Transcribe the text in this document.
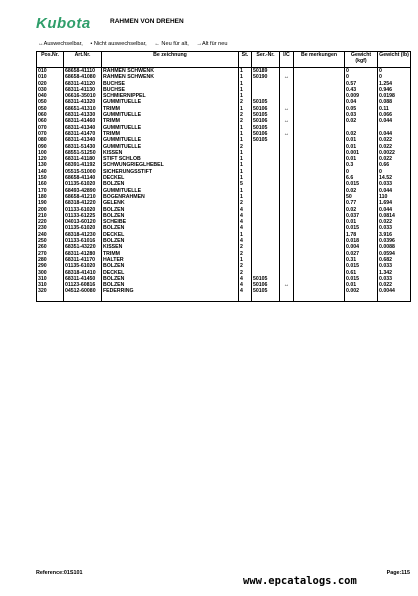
Kubota	RAHMEN VON DREHEN
↔Auswechselbar, • Nicht auswechselbar, ← Neu für alt, →Alt für neu
Pos.Nr.	Art.Nr.	Be zeichnung	St.	Ser.-Nr.	I/C	Be merkungen	Gewicht (kgf)	Gewicht (lb)
010	68658-41110	RAHMEN SCHWENK	1	50189			0	0
010	68658-41080	RAHMEN SCHWENK	1	50190	↔		0	0
020	68311-41120	BUCHSE	1				0.57	1.254
030	68311-41130	BUCHSE	1				0.43	0.946
040	06616-35010	SCHMIERNIPPEL	1				0.009	0.0198
050	68311-41320	GUMMITUELLE	2	50105			0.04	0.088
050	68651-41310	TRIMM	1	50106	↔		0.05	0.11
060	68311-41330	GUMMITUELLE	2	50105			0.03	0.066
060	68311-41460	TRIMM	2	50106	↔		0.02	0.044
070	68311-41340	GUMMITUELLE	1	50105				
070	68311-41470	TRIMM	1	50106	↔		0.02	0.044
080	68311-41340	GUMMITUELLE	1	50105			0.01	0.022
090	68311-51430	GUMMITUELLE	2				0.01	0.022
100	68551-51250	KISSEN	1				0.001	0.0022
120	68311-41180	STIFT SCHLOB	1				0.01	0.022
130	68391-41192	SCHWUNGRIEGLHEBEL	1				0.3	0.66
140	05515-51000	SICHERUNGSSTIFT	1				0	0
150	68658-41140	DECKEL	1				6.6	14.52
160	01135-61020	BOLZEN	5				0.015	0.033
170	68493-42890	GUMMITUELLE	1				0.02	0.044
180	68658-41210	BOGENRAHMEN	1				50	110
190	68318-41220	GELENK	2				0.77	1.694
200	01133-61020	BOLZEN	4				0.02	0.044
210	01133-61225	BOLZEN	4				0.037	0.0814
220	04013-60120	SCHEIBE	4				0.01	0.022
230	01135-61020	BOLZEN	4				0.015	0.033
240	68318-41230	DECKEL	1				1.78	3.916
250	01133-61016	BOLZEN	4				0.018	0.0396
260	68351-43220	KISSEN	2				0.004	0.0088
270	68311-41280	TRIMM	2				0.027	0.0594
280	68311-41170	HALTER	1				0.31	0.682
290	01135-61020	BOLZEN	2				0.015	0.033
300	68318-41410	DECKEL	2				0.61	1.342
310	68311-41450	BOLZEN	4	50105			0.015	0.033
310	01123-60816	BOLZEN	4	50106	↔		0.01	0.022
320	04512-60080	FEDERRING	4	50105			0.002	0.0044

Reference:01S101
www.epcatalogs.com
Page:115
